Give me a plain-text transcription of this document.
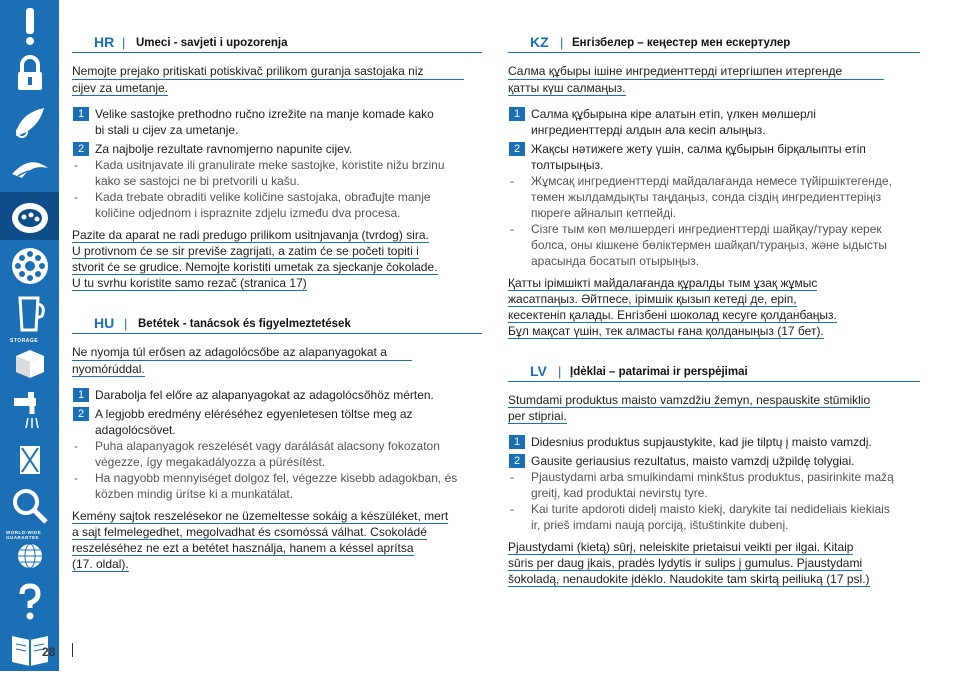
STORAGE
WORLD-WIDE GUARANTEE
28
HR | Umeci - savjeti i upozorenja
Nemojte prejako pritiskati potiskivač prilikom guranja sastojaka niz
cijev za umetanje.
1 Velike sastojke prethodno ručno izrežite na manje komade kako
bi stali u cijev za umetanje.
2 Za najbolje rezultate ravnomjerno napunite cijev.
- Kada usitnjavate ili granulirate meke sastojke, koristite nižu brzinu
kako se sastojci ne bi pretvorili u kašu.
- Kada trebate obraditi velike količine sastojaka, obrađujte manje
količine odjednom i ispraznite zdjelu između dva procesa.
Pazite da aparat ne radi predugo prilikom usitnjavanja (tvrdog) sira.
U protivnom će se sir previše zagrijati, a zatim će se početi topiti i
stvorit će se grudice. Nemojte koristiti umetak za sjeckanje čokolade.
U tu svrhu koristite samo rezač (stranica 17)
HU | Betétek - tanácsok és figyelmeztetések
Ne nyomja túl erősen az adagolócsőbe az alapanyagokat a
nyomórúddal.
1 Darabolja fel előre az alapanyagokat az adagolócsőhöz mérten.
2 A legjobb eredmény eléréséhez egyenletesen töltse meg az
adagolócsövet.
- Puha alapanyagok reszelését vagy darálását alacsony fokozaton
végezze, így megakadályozza a pürésítést.
- Ha nagyobb mennyiséget dolgoz fel, végezze kisebb adagokban, és
közben mindig ürítse ki a munkatálat.
Kemény sajtok reszelésekor ne üzemeltesse sokáig a készüléket, mert
a sajt felmelegedhet, megolvadhat és csomóssá válhat. Csokoládé
reszeléséhez ne ezt a betétet használja, hanem a késsel aprítsa
(17. oldal).
KZ | Енгізбелер – кеңестер мен ескертулер
Салма құбыры ішіне ингредиенттерді итергішпен итергенде
қатты күш салмаңыз.
1 Салма құбырына кіре алатын етіп, үлкен мөлшерлі
ингредиенттерді алдын ала кесіп алыңыз.
2 Жақсы нәтижеге жету үшін, салма құбырын бірқалыпты етіп
толтырыңыз.
- Жұмсақ ингредиенттерді майдалағанда немесе түйіршіктегенде,
төмен жылдамдықты таңдаңыз, сонда сіздің ингредиенттеріңіз
пюреге айналып кетпейді.
- Сізге тым көп мөлшердегі ингредиенттерді шайқау/турау керек
болса, оны кішкене бөліктермен шайқап/тураңыз, және ыдысты
арасында босатып отырыңыз.
Қатты ірімшікті майдалағанда құралды тым ұзақ жұмыс
жасатпаңыз. Әйтпесе, ірімшік қызып кетеді де, еріп,
кесектеніп қалады. Енгізбені шоколад кесуге қолданбаңыз.
Бұл мақсат үшін, тек алмасты ғана қолданыңыз (17 бет).
LV | Įdėklai – patarimai ir perspėjimai
Stumdami produktus maisto vamzdžiu žemyn, nespauskite stūmiklio
per stipriai.
1 Didesnius produktus supjaustykite, kad jie tilptų į maisto vamzdį.
2 Gausite geriausius rezultatus, maisto vamzdį užpildę tolygiai.
- Pjaustydami arba smulkindami minkštus produktus, pasirinkite mažą
greitį, kad produktai nevirstų tyre.
- Kai turite apdoroti didelį maisto kiekį, darykite tai nedideliais kiekiais
ir, prieš imdami naują porciją, ištuštinkite dubenį.
Pjaustydami (kietą) sūrį, neleiskite prietaisui veikti per ilgai. Kitaip
sūris per daug įkais, pradės lydytis ir sulips į gumulus. Pjaustydami
šokoladą, nenaudokite įdėklo. Naudokite tam skirtą peiliuką (17 psl.)
